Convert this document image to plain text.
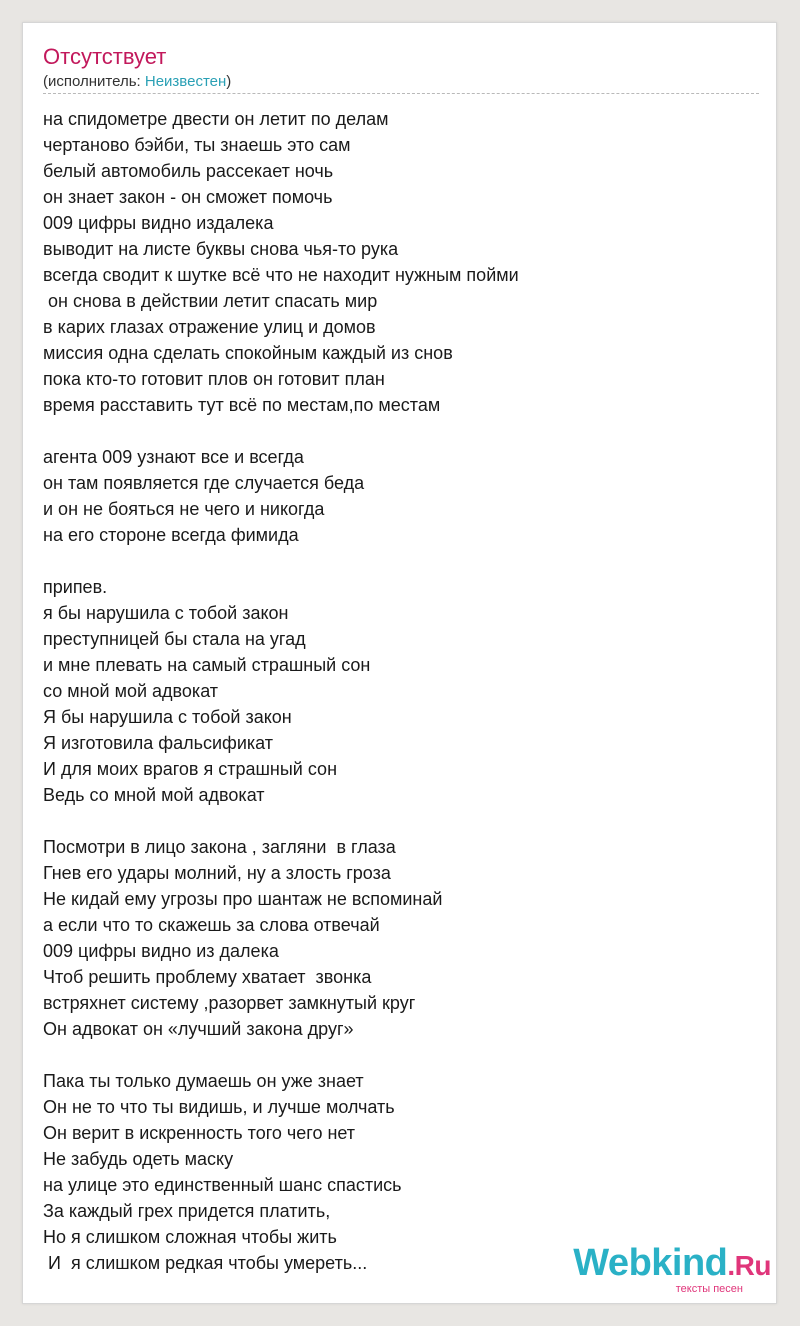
Отсутствует
(исполнитель: Неизвестен)
на спидометре двести он летит по делам
чертаново бэйби, ты знаешь это сам
белый автомобиль рассекает ночь
он знает закон - он сможет помочь
009 цифры видно издалека
выводит на листе буквы снова чья-то рука
всегда сводит к шутке всё что не находит нужным пойми
он снова в действии летит спасать мир
в карих глазах отражение улиц и домов
миссия одна сделать спокойным каждый из снов
пока кто-то готовит плов он готовит план
время расставить тут всё по местам,по местам
агента 009 узнают все и всегда
он там появляется где случается беда
и он не бояться не чего и никогда
на его стороне всегда фимида
припев.
я бы нарушила с тобой закон
преступницей бы стала на угад
и мне плевать на самый страшный сон
со мной мой адвокат
Я бы нарушила с тобой закон
Я изготовила фальсификат
И для моих врагов я страшный сон
Ведь со мной мой адвокат
Посмотри в лицо закона , загляни  в глаза
Гнев его удары молний, ну а злость гроза
Не кидай ему угрозы про шантаж не вспоминай
а если что то скажешь за слова отвечай
009 цифры видно из далека
Чтоб решить проблему хватает  звонка
встряхнет систему ,разорвет замкнутый круг
Он адвокат он «лучший закона друг»
Пака ты только думаешь он уже знает
Он не то что ты видишь, и лучше молчать
Он верит в искренность того чего нет
Не забудь одеть маску
на улице это единственный шанс спастись
За каждый грех придется платить,
Но я слишком сложная чтобы жить
И  я слишком редкая чтобы умереть...	Webkind.Ru
тексты песен
